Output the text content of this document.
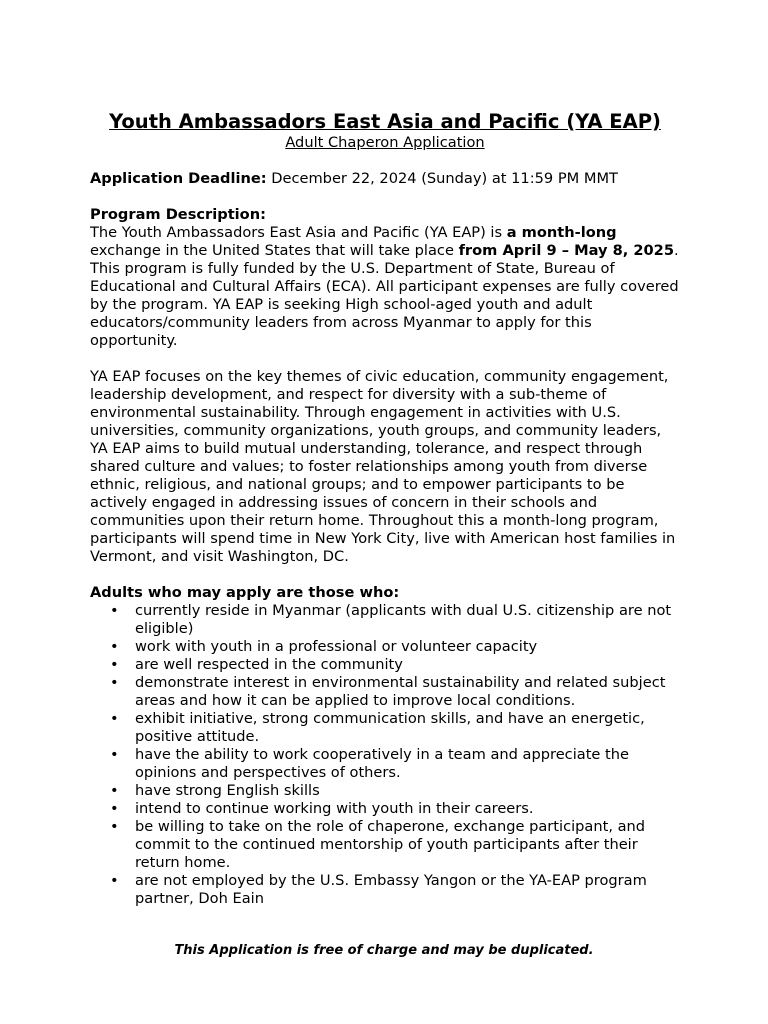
Youth Ambassadors East Asia and Pacific (YA EAP)
Adult Chaperon Application

Application Deadline: December 22, 2024 (Sunday) at 11:59 PM MMT

Program Description:

The Youth Ambassadors East Asia and Pacific (YA EAP) is a month-long exchange in the United States that will take place from April 9 – May 8, 2025. This program is fully funded by the U.S. Department of State, Bureau of Educational and Cultural Affairs (ECA). All participant expenses are fully covered by the program. YA EAP is seeking High school-aged youth and adult educators/community leaders from across Myanmar to apply for this opportunity.

YA EAP focuses on the key themes of civic education, community engagement, leadership development, and respect for diversity with a sub-theme of environmental sustainability. Through engagement in activities with U.S. universities, community organizations, youth groups, and community leaders, YA EAP aims to build mutual understanding, tolerance, and respect through shared culture and values; to foster relationships among youth from diverse ethnic, religious, and national groups; and to empower participants to be actively engaged in addressing issues of concern in their schools and communities upon their return home. Throughout this a month-long program, participants will spend time in New York City, live with American host families in Vermont, and visit Washington, DC.

Adults who may apply are those who:
• currently reside in Myanmar (applicants with dual U.S. citizenship are not eligible)
• work with youth in a professional or volunteer capacity
• are well respected in the community
• demonstrate interest in environmental sustainability and related subject areas and how it can be applied to improve local conditions.
• exhibit initiative, strong communication skills, and have an energetic, positive attitude.
• have the ability to work cooperatively in a team and appreciate the opinions and perspectives of others.
• have strong English skills
• intend to continue working with youth in their careers.
• be willing to take on the role of chaperone, exchange participant, and commit to the continued mentorship of youth participants after their return home.
• are not employed by the U.S. Embassy Yangon or the YA-EAP program partner, Doh Eain
This Application is free of charge and may be duplicated.
